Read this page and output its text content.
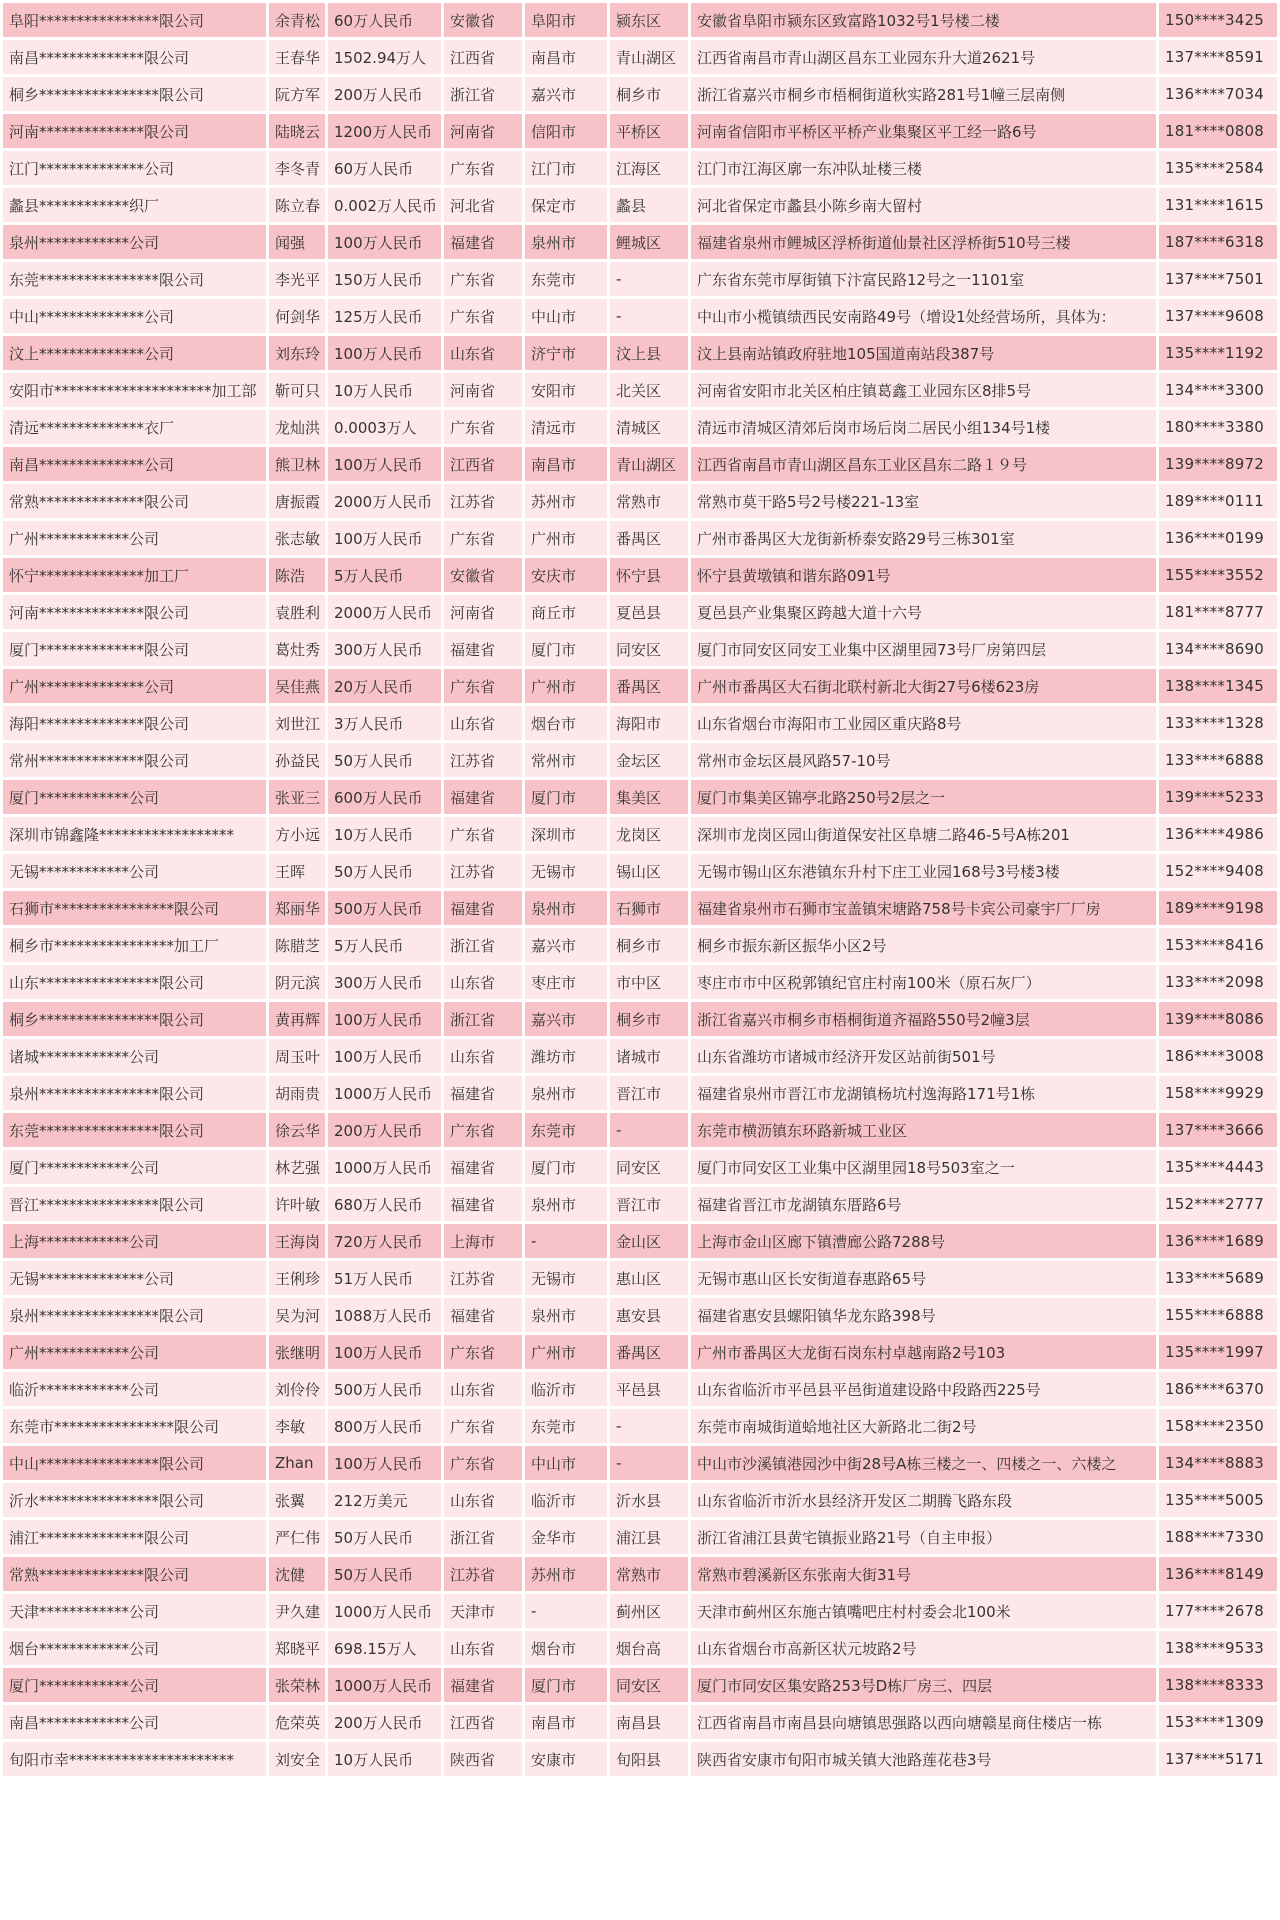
阜阳****************限公司	余青松	60万人民币	安徽省	阜阳市	颍东区	安徽省阜阳市颍东区致富路1032号1号楼二楼	150****3425
南昌**************限公司	王春华	1502.94万人	江西省	南昌市	青山湖区	江西省南昌市青山湖区昌东工业园东升大道2621号	137****8591
桐乡****************限公司	阮方军	200万人民币	浙江省	嘉兴市	桐乡市	浙江省嘉兴市桐乡市梧桐街道秋实路281号1幢三层南侧	136****7034
河南**************限公司	陆晓云	1200万人民币	河南省	信阳市	平桥区	河南省信阳市平桥区平桥产业集聚区平工经一路6号	181****0808
江门**************公司	李冬青	60万人民币	广东省	江门市	江海区	江门市江海区廓一东冲队址楼三楼	135****2584
蠡县************织厂	陈立春	0.002万人民币	河北省	保定市	蠡县	河北省保定市蠡县小陈乡南大留村	131****1615
泉州************公司	闻强	100万人民币	福建省	泉州市	鲤城区	福建省泉州市鲤城区浮桥街道仙景社区浮桥街510号三楼	187****6318
东莞****************限公司	李光平	150万人民币	广东省	东莞市	-	广东省东莞市厚街镇下汴富民路12号之一1101室	137****7501
中山**************公司	何剑华	125万人民币	广东省	中山市	-	中山市小榄镇绩西民安南路49号（增设1处经营场所，具体为：	137****9608
汶上**************公司	刘东玲	100万人民币	山东省	济宁市	汶上县	汶上县南站镇政府驻地105国道南站段387号	135****1192
安阳市*********************加工部	靳可只	10万人民币	河南省	安阳市	北关区	河南省安阳市北关区柏庄镇葛鑫工业园东区8排5号	134****3300
清远**************衣厂	龙灿洪	0.0003万人	广东省	清远市	清城区	清远市清城区清郊后岗市场后岗二居民小组134号1楼	180****3380
南昌**************公司	熊卫林	100万人民币	江西省	南昌市	青山湖区	江西省南昌市青山湖区昌东工业区昌东二路１９号	139****8972
常熟**************限公司	唐振霞	2000万人民币	江苏省	苏州市	常熟市	常熟市莫干路5号2号楼221-13室	189****0111
广州************公司	张志敏	100万人民币	广东省	广州市	番禺区	广州市番禺区大龙街新桥泰安路29号三栋301室	136****0199
怀宁**************加工厂	陈浩	5万人民币	安徽省	安庆市	怀宁县	怀宁县黄墩镇和谐东路091号	155****3552
河南**************限公司	袁胜利	2000万人民币	河南省	商丘市	夏邑县	夏邑县产业集聚区跨越大道十六号	181****8777
厦门**************限公司	葛灶秀	300万人民币	福建省	厦门市	同安区	厦门市同安区同安工业集中区湖里园73号厂房第四层	134****8690
广州**************公司	吴佳燕	20万人民币	广东省	广州市	番禺区	广州市番禺区大石街北联村新北大街27号6楼623房	138****1345
海阳**************限公司	刘世江	3万人民币	山东省	烟台市	海阳市	山东省烟台市海阳市工业园区重庆路8号	133****1328
常州**************限公司	孙益民	50万人民币	江苏省	常州市	金坛区	常州市金坛区晨风路57-10号	133****6888
厦门************公司	张亚三	600万人民币	福建省	厦门市	集美区	厦门市集美区锦亭北路250号2层之一	139****5233
深圳市锦鑫隆******************	方小远	10万人民币	广东省	深圳市	龙岗区	深圳市龙岗区园山街道保安社区阜塘二路46-5号A栋201	136****4986
无锡************公司	王晖	50万人民币	江苏省	无锡市	锡山区	无锡市锡山区东港镇东升村下庄工业园168号3号楼3楼	152****9408
石狮市****************限公司	郑丽华	500万人民币	福建省	泉州市	石狮市	福建省泉州市石狮市宝盖镇宋塘路758号卡宾公司豪宇厂厂房	189****9198
桐乡市****************加工厂	陈腊芝	5万人民币	浙江省	嘉兴市	桐乡市	桐乡市振东新区振华小区2号	153****8416
山东****************限公司	阴元滨	300万人民币	山东省	枣庄市	市中区	枣庄市市中区税郭镇纪官庄村南100米（原石灰厂）	133****2098
桐乡****************限公司	黄再辉	100万人民币	浙江省	嘉兴市	桐乡市	浙江省嘉兴市桐乡市梧桐街道齐福路550号2幢3层	139****8086
诸城************公司	周玉叶	100万人民币	山东省	潍坊市	诸城市	山东省潍坊市诸城市经济开发区站前街501号	186****3008
泉州****************限公司	胡雨贵	1000万人民币	福建省	泉州市	晋江市	福建省泉州市晋江市龙湖镇杨坑村逸海路171号1栋	158****9929
东莞****************限公司	徐云华	200万人民币	广东省	东莞市	-	东莞市横沥镇东环路新城工业区	137****3666
厦门************公司	林艺强	1000万人民币	福建省	厦门市	同安区	厦门市同安区工业集中区湖里园18号503室之一	135****4443
晋江****************限公司	许叶敏	680万人民币	福建省	泉州市	晋江市	福建省晋江市龙湖镇东厝路6号	152****2777
上海************公司	王海岗	720万人民币	上海市	-	金山区	上海市金山区廊下镇漕廊公路7288号	136****1689
无锡**************公司	王俐珍	51万人民币	江苏省	无锡市	惠山区	无锡市惠山区长安街道春惠路65号	133****5689
泉州****************限公司	吴为河	1088万人民币	福建省	泉州市	惠安县	福建省惠安县螺阳镇华龙东路398号	155****6888
广州************公司	张继明	100万人民币	广东省	广州市	番禺区	广州市番禺区大龙街石岗东村卓越南路2号103	135****1997
临沂************公司	刘伶伶	500万人民币	山东省	临沂市	平邑县	山东省临沂市平邑县平邑街道建设路中段路西225号	186****6370
东莞市****************限公司	李敏	800万人民币	广东省	东莞市	-	东莞市南城街道蛤地社区大新路北二街2号	158****2350
中山****************限公司	Zhan	100万人民币	广东省	中山市	-	中山市沙溪镇港园沙中街28号A栋三楼之一、四楼之一、六楼之	134****8883
沂水****************限公司	张翼	212万美元	山东省	临沂市	沂水县	山东省临沂市沂水县经济开发区二期腾飞路东段	135****5005
浦江**************限公司	严仁伟	50万人民币	浙江省	金华市	浦江县	浙江省浦江县黄宅镇振业路21号（自主申报）	188****7330
常熟**************限公司	沈健	50万人民币	江苏省	苏州市	常熟市	常熟市碧溪新区东张南大街31号	136****8149
天津************公司	尹久建	1000万人民币	天津市	-	蓟州区	天津市蓟州区东施古镇嘴吧庄村村委会北100米	177****2678
烟台************公司	郑晓平	698.15万人	山东省	烟台市	烟台高	山东省烟台市高新区状元坡路2号	138****9533
厦门************公司	张荣林	1000万人民币	福建省	厦门市	同安区	厦门市同安区集安路253号D栋厂房三、四层	138****8333
南昌************公司	危荣英	200万人民币	江西省	南昌市	南昌县	江西省南昌市南昌县向塘镇思强路以西向塘赣星商住楼店一栋	153****1309
旬阳市幸**********************	刘安全	10万人民币	陕西省	安康市	旬阳县	陕西省安康市旬阳市城关镇大池路莲花巷3号	137****5171
